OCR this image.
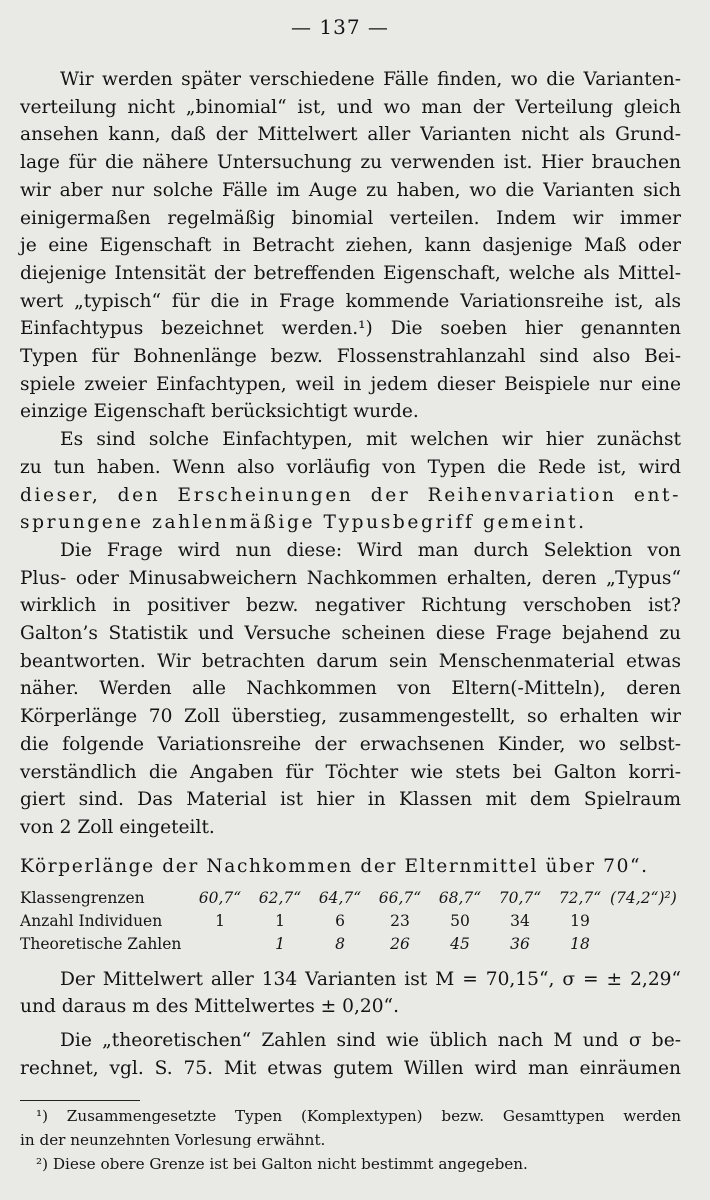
— 137 —
Wir werden später verschiedene Fälle finden, wo die Varianten-
verteilung nicht „binomial“ ist, und wo man der Verteilung gleich
ansehen kann, daß der Mittelwert aller Varianten nicht als Grund-
lage für die nähere Untersuchung zu verwenden ist. Hier brauchen
wir aber nur solche Fälle im Auge zu haben, wo die Varianten sich
einigermaßen regelmäßig binomial verteilen. Indem wir immer
je eine Eigenschaft in Betracht ziehen, kann dasjenige Maß oder
diejenige Intensität der betreffenden Eigenschaft, welche als Mittel-
wert „typisch“ für die in Frage kommende Variationsreihe ist, als
Einfachtypus bezeichnet werden.¹) Die soeben hier genannten
Typen für Bohnenlänge bezw. Flossenstrahlanzahl sind also Bei-
spiele zweier Einfachtypen, weil in jedem dieser Beispiele nur eine
einzige Eigenschaft berücksichtigt wurde.
Es sind solche Einfachtypen, mit welchen wir hier zunächst
zu tun haben. Wenn also vorläufig von Typen die Rede ist, wird
dieser, den Erscheinungen der Reihenvariation ent-
sprungene zahlenmäßige Typusbegriff gemeint.
Die Frage wird nun diese: Wird man durch Selektion von
Plus- oder Minusabweichern Nachkommen erhalten, deren „Typus“
wirklich in positiver bezw. negativer Richtung verschoben ist?
Galton’s Statistik und Versuche scheinen diese Frage bejahend zu
beantworten. Wir betrachten darum sein Menschenmaterial etwas
näher. Werden alle Nachkommen von Eltern(-Mitteln), deren
Körperlänge 70 Zoll überstieg, zusammengestellt, so erhalten wir
die folgende Variationsreihe der erwachsenen Kinder, wo selbst-
verständlich die Angaben für Töchter wie stets bei Galton korri-
giert sind. Das Material ist hier in Klassen mit dem Spielraum
von 2 Zoll eingeteilt.
Körperlänge der Nachkommen der Elternmittel über 70“.
Klassengrenzen	60,7“	62,7“	64,7“	66,7“	68,7“	70,7“	72,7“	(74,2“)²)
Anzahl Individuen	1	1	6	23	50	34	19	
Theoretische Zahlen		1	8	26	45	36	18	
Der Mittelwert aller 134 Varianten ist M = 70,15“, σ = ± 2,29“
und daraus m des Mittelwertes ± 0,20“.
Die „theoretischen“ Zahlen sind wie üblich nach M und σ be-
rechnet, vgl. S. 75. Mit etwas gutem Willen wird man einräumen
¹) Zusammengesetzte Typen (Komplextypen) bezw. Gesamttypen werden
in der neunzehnten Vorlesung erwähnt.
²) Diese obere Grenze ist bei Galton nicht bestimmt angegeben.
